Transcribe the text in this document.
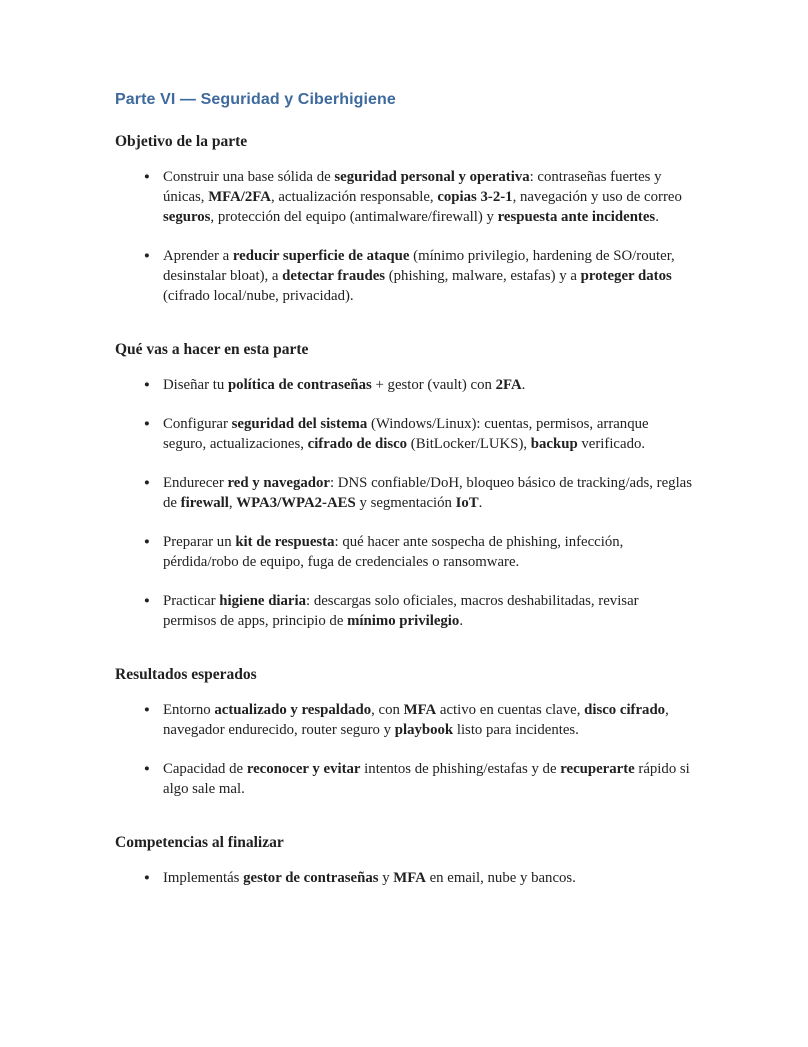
Parte VI — Seguridad y Ciberhigiene
Objetivo de la parte
● Construir una base sólida de seguridad personal y operativa: contraseñas fuertes y únicas, MFA/2FA, actualización responsable, copias 3-2-1, navegación y uso de correo seguros, protección del equipo (antimalware/firewall) y respuesta ante incidentes.
● Aprender a reducir superficie de ataque (mínimo privilegio, hardening de SO/router, desinstalar bloat), a detectar fraudes (phishing, malware, estafas) y a proteger datos (cifrado local/nube, privacidad).
Qué vas a hacer en esta parte
● Diseñar tu política de contraseñas + gestor (vault) con 2FA.
● Configurar seguridad del sistema (Windows/Linux): cuentas, permisos, arranque seguro, actualizaciones, cifrado de disco (BitLocker/LUKS), backup verificado.
● Endurecer red y navegador: DNS confiable/DoH, bloqueo básico de tracking/ads, reglas de firewall, WPA3/WPA2-AES y segmentación IoT.
● Preparar un kit de respuesta: qué hacer ante sospecha de phishing, infección, pérdida/robo de equipo, fuga de credenciales o ransomware.
● Practicar higiene diaria: descargas solo oficiales, macros deshabilitadas, revisar permisos de apps, principio de mínimo privilegio.
Resultados esperados
● Entorno actualizado y respaldado, con MFA activo en cuentas clave, disco cifrado, navegador endurecido, router seguro y playbook listo para incidentes.
● Capacidad de reconocer y evitar intentos de phishing/estafas y de recuperarte rápido si algo sale mal.
Competencias al finalizar
● Implementás gestor de contraseñas y MFA en email, nube y bancos.
